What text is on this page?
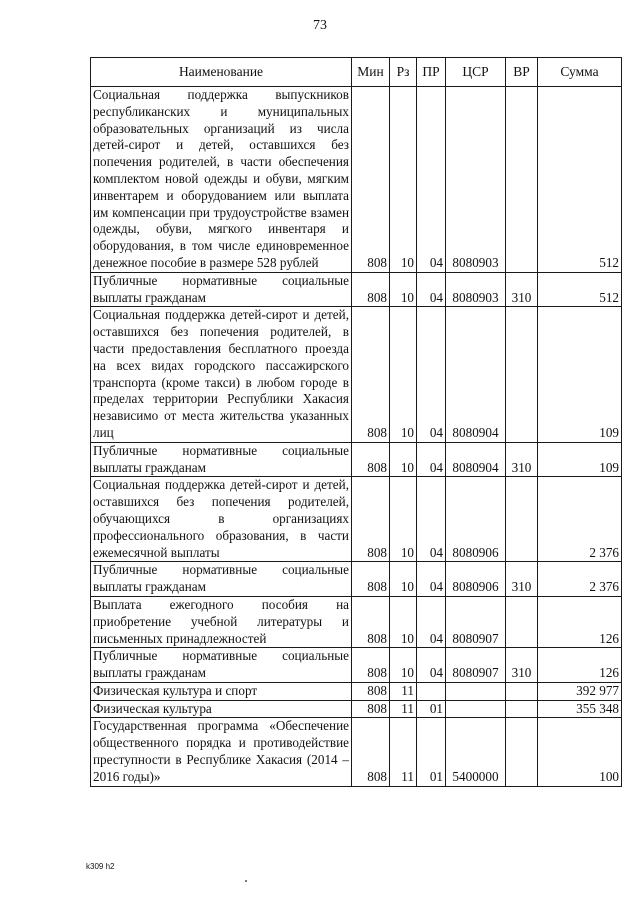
73
Наименование	Мин	Рз	ПР	ЦСР	ВР	Сумма
Социальная поддержка выпускников республиканских и муниципальных образовательных организаций из числа детей-сирот и детей, оставшихся без попечения родителей, в части обеспечения комплектом новой одежды и обуви, мягким инвентарем и оборудованием или выплата им компенсации при трудоустройстве взамен одежды, обуви, мягкого инвентаря и оборудования, в том числе единовременное денежное пособие в размере 528 рублей	808	10	04	8080903		512
Публичные нормативные социальные выплаты гражданам	808	10	04	8080903	310	512
Социальная поддержка детей-сирот и детей, оставшихся без попечения родителей, в части предоставления бесплатного проезда на всех видах городского пассажирского транспорта (кроме такси) в любом городе в пределах территории Республики Хакасия независимо от места жительства указанных лиц	808	10	04	8080904		109
Публичные нормативные социальные выплаты гражданам	808	10	04	8080904	310	109
Социальная поддержка детей-сирот и детей, оставшихся без попечения родителей, обучающихся в организациях профессионального образования, в части ежемесячной выплаты	808	10	04	8080906		2 376
Публичные нормативные социальные выплаты гражданам	808	10	04	8080906	310	2 376
Выплата ежегодного пособия на приобретение учебной литературы и письменных принадлежностей	808	10	04	8080907		126
Публичные нормативные социальные выплаты гражданам	808	10	04	8080907	310	126
Физическая культура и спорт	808	11				392 977
Физическая культура	808	11	01			355 348
Государственная программа «Обеспечение общественного порядка и противодействие преступности в Республике Хакасия (2014 – 2016 годы)»	808	11	01	5400000		100
k309 h2
